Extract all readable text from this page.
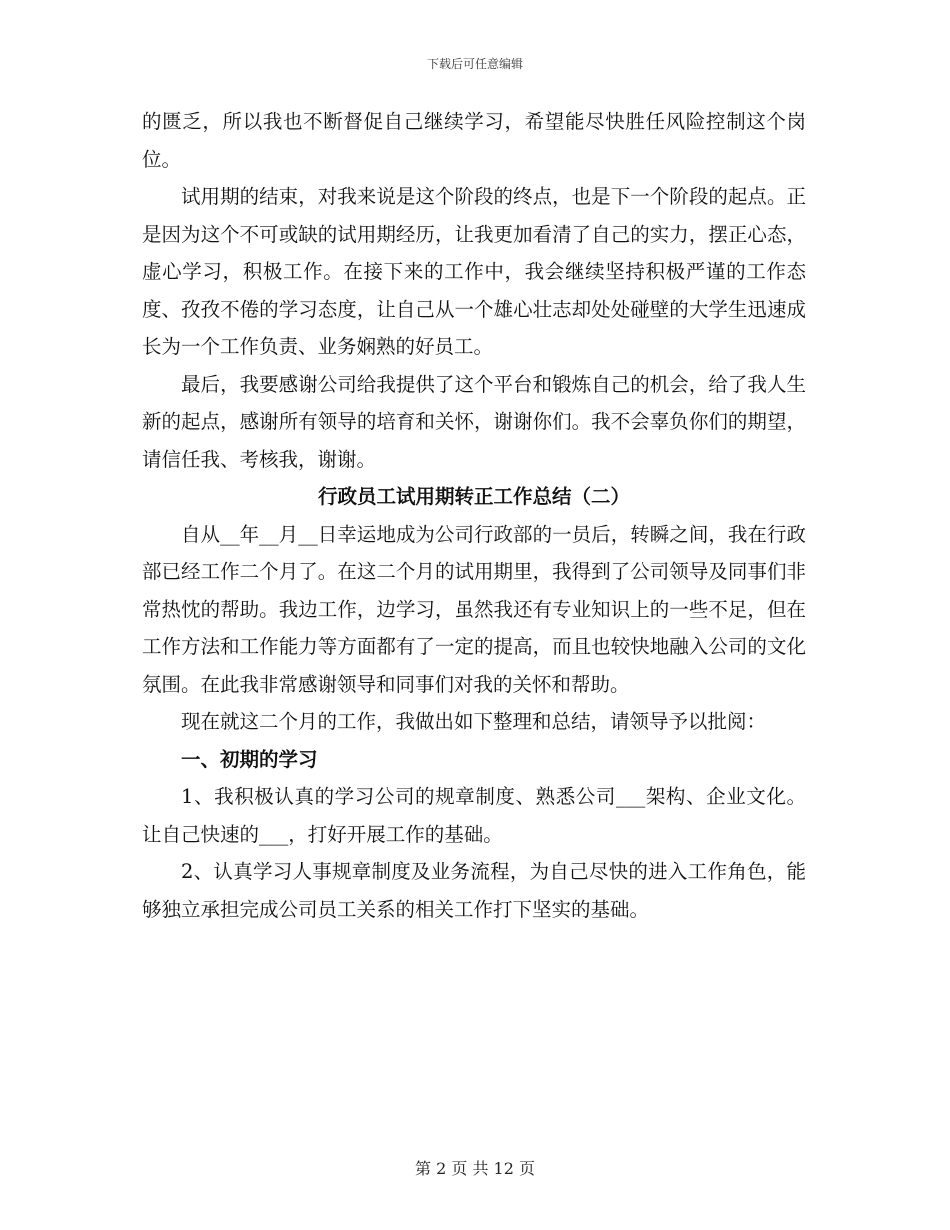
下载后可任意编辑

的匮乏，所以我也不断督促自己继续学习，希望能尽快胜任风险控制这个岗位。

试用期的结束，对我来说是这个阶段的终点，也是下一个阶段的起点。正是因为这个不可或缺的试用期经历，让我更加看清了自己的实力，摆正心态，虚心学习，积极工作。在接下来的工作中，我会继续坚持积极严谨的工作态度、孜孜不倦的学习态度，让自己从一个雄心壮志却处处碰壁的大学生迅速成长为一个工作负责、业务娴熟的好员工。

最后，我要感谢公司给我提供了这个平台和锻炼自己的机会，给了我人生新的起点，感谢所有领导的培育和关怀，谢谢你们。我不会辜负你们的期望，请信任我、考核我，谢谢。

行政员工试用期转正工作总结（二）

自从__年__月__日幸运地成为公司行政部的一员后，转瞬之间，我在行政部已经工作二个月了。在这二个月的试用期里，我得到了公司领导及同事们非常热忱的帮助。我边工作，边学习，虽然我还有专业知识上的一些不足，但在工作方法和工作能力等方面都有了一定的提高，而且也较快地融入公司的文化氛围。在此我非常感谢领导和同事们对我的关怀和帮助。

现在就这二个月的工作，我做出如下整理和总结，请领导予以批阅：

一、初期的学习

1、我积极认真的学习公司的规章制度、熟悉公司___架构、企业文化。让自己快速的___，打好开展工作的基础。

2、认真学习人事规章制度及业务流程，为自己尽快的进入工作角色，能够独立承担完成公司员工关系的相关工作打下坚实的基础。

第 2 页 共 12 页
